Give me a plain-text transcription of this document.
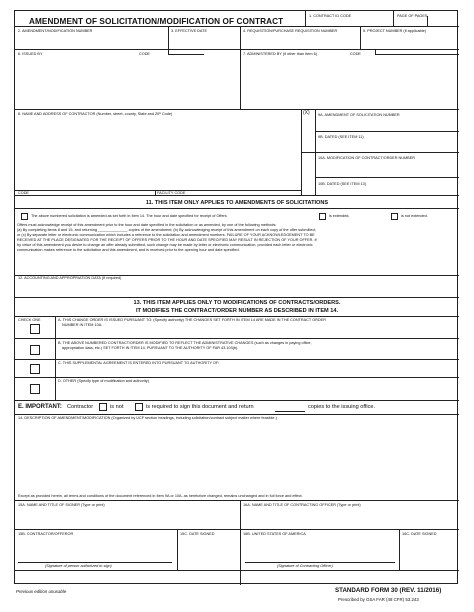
AMENDMENT OF SOLICITATION/MODIFICATION OF CONTRACT
1. CONTRACT ID CODE	PAGE OF PAGES
2. AMENDMENT/MODIFICATION NUMBER	3. EFFECTIVE DATE	4. REQUISITION/PURCHASE REQUISITION NUMBER	5. PROJECT NUMBER (if applicable)
6. ISSUED BY	CODE	7. ADMINISTERED BY (if other than Item 6)	CODE
8. NAME AND ADDRESS OF CONTRACTOR (Number, street, county, State and ZIP Code)	(X) 9A. AMENDMENT OF SOLICITATION NUMBER
9B. DATED (SEE ITEM 11)
10A. MODIFICATION OF CONTRACT/ORDER NUMBER
10B. DATED (SEE ITEM 13)
CODE	FACILITY CODE
11. THIS ITEM ONLY APPLIES TO AMENDMENTS OF SOLICITATIONS
The above numbered solicitation is amended as set forth in Item 14. The hour and date specified for receipt of Offers	is extended,	is not extended.

Offers must acknowledge receipt of this amendment prior to the hour and date specified in the solicitation or as amended, by one of the following methods:

(a) By completing items 8 and 15, and returning ______________ copies of the amendment; (b) By acknowledging receipt of this amendment on each copy of the offer submitted;

or (c) By separate letter or electronic communication which includes a reference to the solicitation and amendment numbers. FAILURE OF YOUR ACKNOWLEDGEMENT TO BE

RECEIVED AT THE PLACE DESIGNATED FOR THE RECEIPT OF OFFERS PRIOR TO THE HOUR AND DATE SPECIFIED MAY RESULT IN REJECTION OF YOUR OFFER. If

by virtue of this amendment you desire to change an offer already submitted, such change may be made by letter or electronic communication, provided each letter or electronic

communication makes reference to the solicitation and this amendment, and is received prior to the opening hour and date specified.

12. ACCOUNTING AND APPROPRIATION DATA (If required)
13. THIS ITEM APPLIES ONLY TO MODIFICATIONS OF CONTRACTS/ORDERS.
IT MODIFIES THE CONTRACT/ORDER NUMBER AS DESCRIBED IN ITEM 14.
CHECK ONE	A. THIS CHANGE ORDER IS ISSUED PURSUANT TO: (Specify authority) THE CHANGES SET FORTH IN ITEM 14 ARE MADE IN THE CONTRACT ORDER
NUMBER IN ITEM 10A.
B. THE ABOVE NUMBERED CONTRACT/ORDER IS MODIFIED TO REFLECT THE ADMINISTRATIVE CHANGES (such as changes in paying office,
appropriation data, etc.) SET FORTH IN ITEM 14, PURSUANT TO THE AUTHORITY OF FAR 43.103(b).
C. THIS SUPPLEMENTAL AGREEMENT IS ENTERED INTO PURSUANT TO AUTHORITY OF:
D. OTHER (Specify type of modification and authority)
E. IMPORTANT: Contractor	is not	is required to sign this document and return	copies to the issuing office.
14. DESCRIPTION OF AMENDMENT/MODIFICATION (Organized by UCF section headings, including solicitation/contract subject matter where feasible.)
Except as provided herein, all terms and conditions of the document referenced in Item 9A or 10A, as heretofore changed, remains unchanged and in full force and effect.
15A. NAME AND TITLE OF SIGNER (Type or print)	16A. NAME AND TITLE OF CONTRACTING OFFICER (Type or print)
15B. CONTRACTOR/OFFEROR	15C. DATE SIGNED	16B. UNITED STATES OF AMERICA	16C. DATE SIGNED
(Signature of person authorized to sign)	(Signature of Contracting Officer)
Previous edition unusable	STANDARD FORM 30 (REV. 11/2016)
Prescribed by GSA FAR (48 CFR) 53.243
